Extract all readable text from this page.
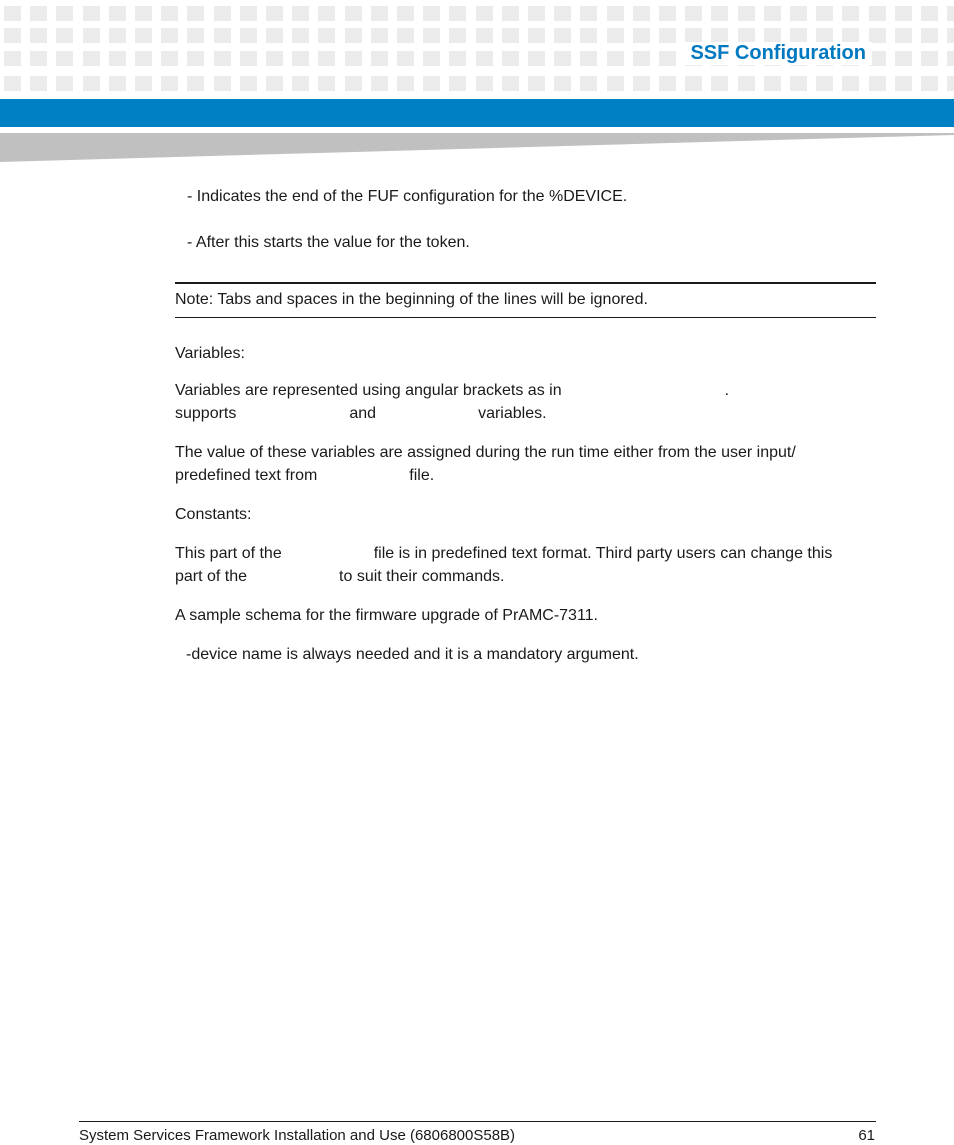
SSF Configuration

- Indicates the end of the FUF configuration for the %DEVICE.

- After this starts the value for the token.

Note: Tabs and spaces in the beginning of the lines will be ignored.

Variables:

Variables are represented using angular brackets as in	.
supports	and	variables.
The value of these variables are assigned during the run time either from the user input/
predefined text from	file.

Constants:

This part of the	file is in predefined text format. Third party users can change this
part of the	to suit their commands.

A sample schema for the firmware upgrade of PrAMC-7311.

-device name is always needed and it is a mandatory argument.

System Services Framework Installation and Use (6806800S58B)	61
